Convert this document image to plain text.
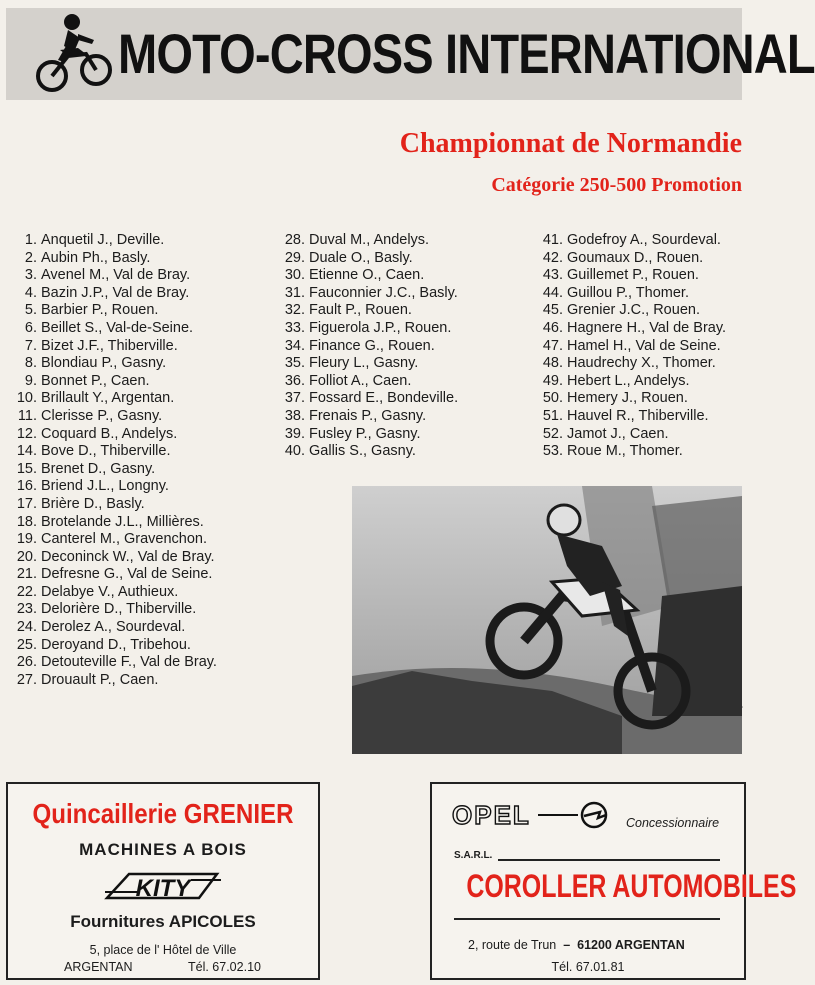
MOTO-CROSS INTERNATIONAL
Championnat de Normandie
Catégorie 250-500 Promotion
1. Anquetil J., Deville.
2. Aubin Ph., Basly.
3. Avenel M., Val de Bray.
4. Bazin J.P., Val de Bray.
5. Barbier P., Rouen.
6. Beillet S., Val-de-Seine.
7. Bizet J.F., Thiberville.
8. Blondiau P., Gasny.
9. Bonnet P., Caen.
10. Brillault Y., Argentan.
11. Clerisse P., Gasny.
12. Coquard B., Andelys.
14. Bove D., Thiberville.
15. Brenet D., Gasny.
16. Briend J.L., Longny.
17. Brière D., Basly.
18. Brotelande J.L., Millières.
19. Canterel M., Gravenchon.
20. Deconinck W., Val de Bray.
21. Defresne G., Val de Seine.
22. Delabye V., Authieux.
23. Delorière D., Thiberville.
24. Derolez A., Sourdeval.
25. Deroyand D., Tribehou.
26. Detouteville F., Val de Bray.
27. Drouault P., Caen.
28. Duval M., Andelys.
29. Duale O., Basly.
30. Etienne O., Caen.
31. Fauconnier J.C., Basly.
32. Fault P., Rouen.
33. Figuerola J.P., Rouen.
34. Finance G., Rouen.
35. Fleury L., Gasny.
36. Folliot A., Caen.
37. Fossard E., Bondeville.
38. Frenais P., Gasny.
39. Fusley P., Gasny.
40. Gallis S., Gasny.
41. Godefroy A., Sourdeval.
42. Goumaux D., Rouen.
43. Guillemet P., Rouen.
44. Guillou P., Thomer.
45. Grenier J.C., Rouen.
46. Hagnere H., Val de Bray.
47. Hamel H., Val de Seine.
48. Haudrechy X., Thomer.
49. Hebert L., Andelys.
50. Hemery J., Rouen.
51. Hauvel R., Thiberville.
52. Jamot J., Caen.
53. Roue M., Thomer.
Quincaillerie GRENIER
MACHINES A BOIS
KITY
Fournitures APICOLES
5, place de l' Hôtel de Ville
ARGENTAN	Tél. 67.02.10
OPEL	Concessionnaire
S.A.R.L.
COROLLER AUTOMOBILES
2, route de Trun – 61200 ARGENTAN
Tél. 67.01.81
